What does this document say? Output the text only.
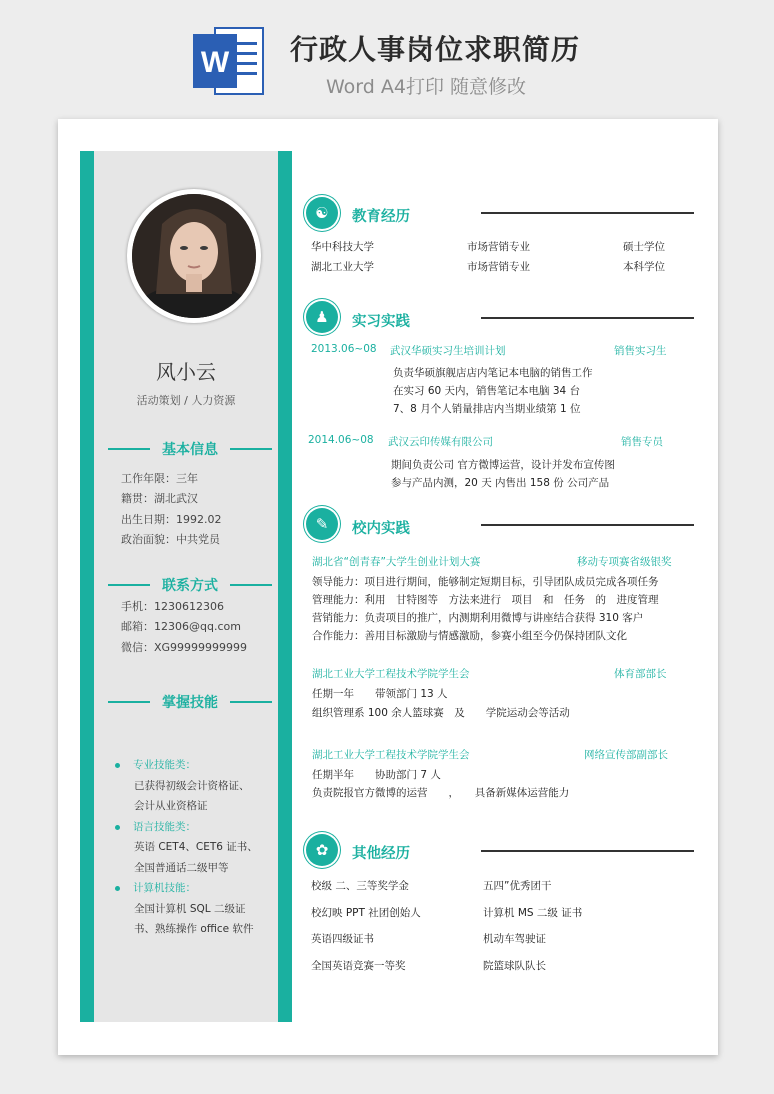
W 行政人事岗位求职简历
Word A4打印 随意修改
风小云
活动策划 / 人力资源
基本信息
工作年限：三年
籍贯：湖北武汉
出生日期：1992.02
政治面貌：中共党员
联系方式
手机：1230612306
邮箱：12306@qq.com
微信：XG99999999999
掌握技能
专业技能类：
已获得初级会计资格证、
会计从业资格证
语言技能类：
英语 CET4、CET6 证书、
全国普通话二级甲等
计算机技能：
全国计算机 SQL 二级证
书、熟练操作 office 软件
☯	教育经历
华中科技大学	市场营销专业	硕士学位
湖北工业大学	市场营销专业	本科学位
♟	实习实践
2013.06~08 武汉华硕实习生培训计划	销售实习生
负责华硕旗舰店店内笔记本电脑的销售工作
在实习 60 天内，销售笔记本电脑 34 台
7、8 月个人销量排店内当期业绩第 1 位
2014.06~08 武汉云印传媒有限公司	销售专员
期间负责公司 官方微博运营，设计并发布宣传图
参与产品内测，20 天 内售出 158 份 公司产品
✎	校内实践
湖北省“创青春”大学生创业计划大赛	移动专项赛省级银奖
领导能力：项目进行期间，能够制定短期目标，引导团队成员完成各项任务
管理能力：利用　甘特图等　方法来进行　项目　和　任务　的　进度管理
营销能力：负责项目的推广，内测期利用微博与讲座结合获得 310 客户
合作能力：善用目标激励与情感激励，参赛小组至今仍保持团队文化
湖北工业大学工程技术学院学生会	体育部部长
任期一年　　带领部门 13 人
组织管理系 100 余人篮球赛　及　　学院运动会等活动
湖北工业大学工程技术学院学生会	网络宣传部副部长
任期半年　　协助部门 7 人
负责院报官方微博的运营　　，　　具备新媒体运营能力
✿	其他经历
校级 二、三等奖学金	五四”优秀团干
校幻映 PPT 社团创始人	计算机 MS 二级 证书
英语四级证书	机动车驾驶证
全国英语竞赛一等奖	院篮球队队长
